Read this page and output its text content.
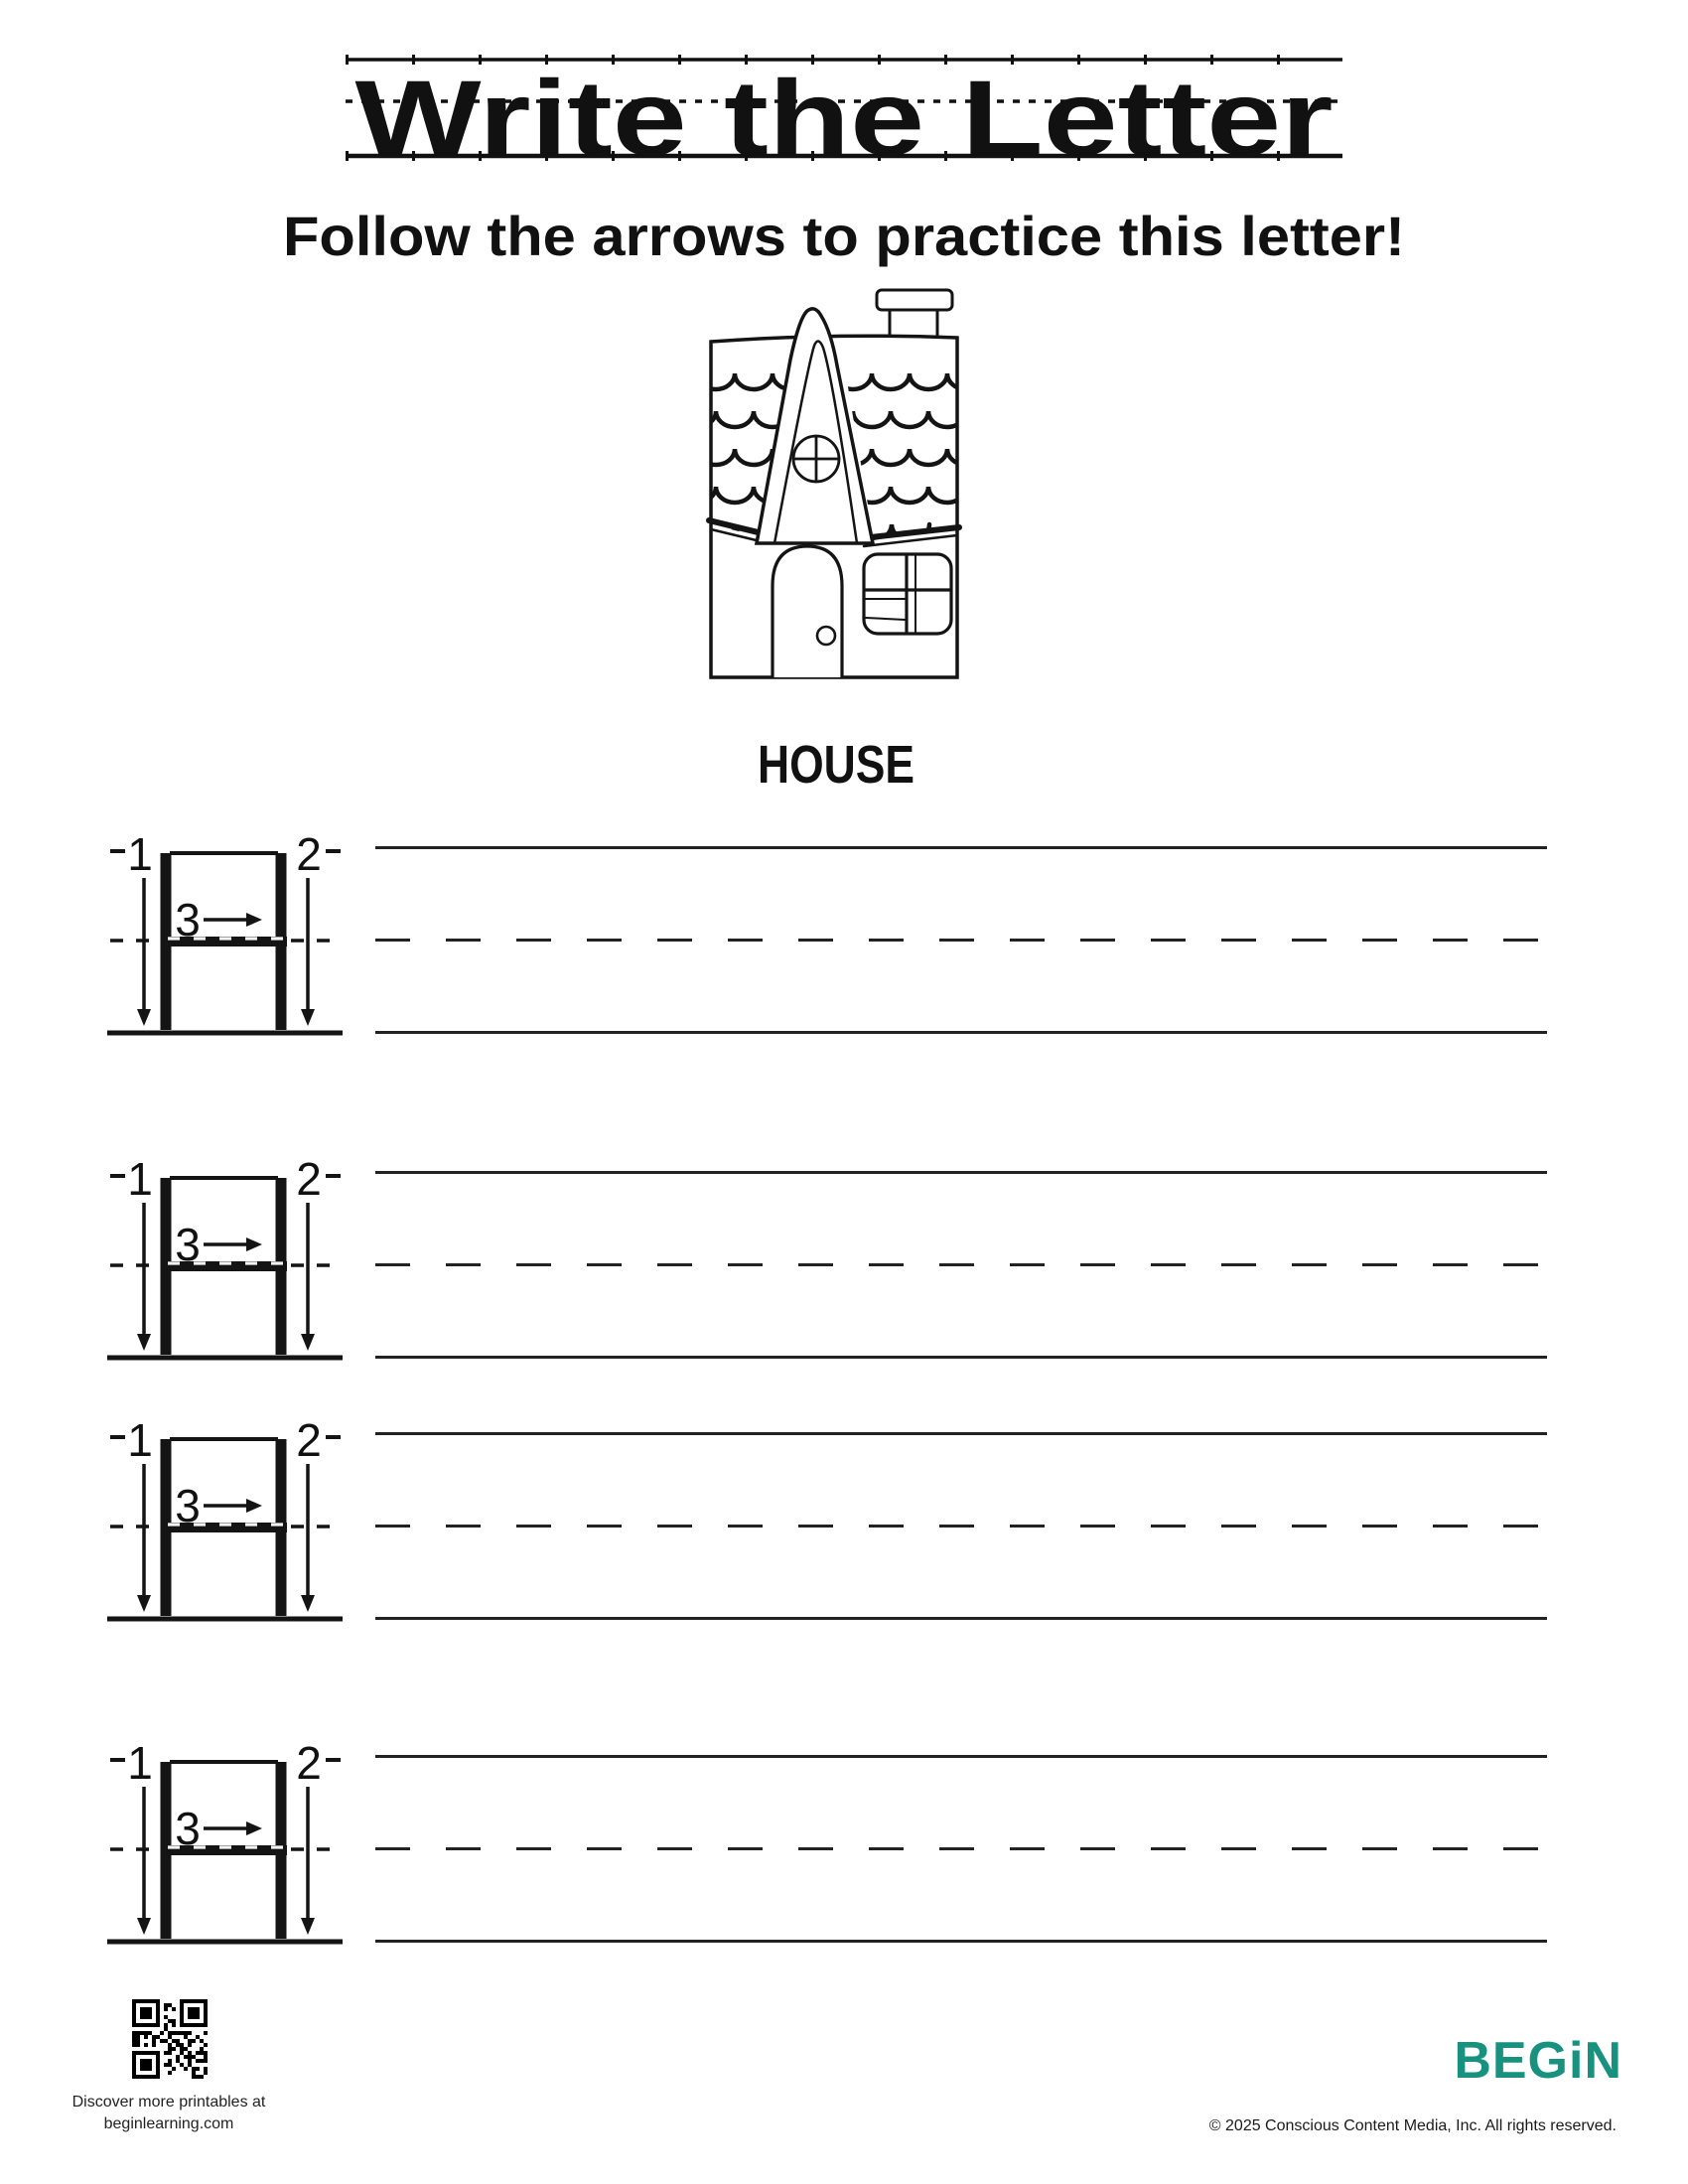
Write the Letter
Follow the arrows to practice this letter!
HOUSE
Discover more printables at
beginlearning.com
BEGiN
© 2025 Conscious Content Media, Inc. All rights reserved.
